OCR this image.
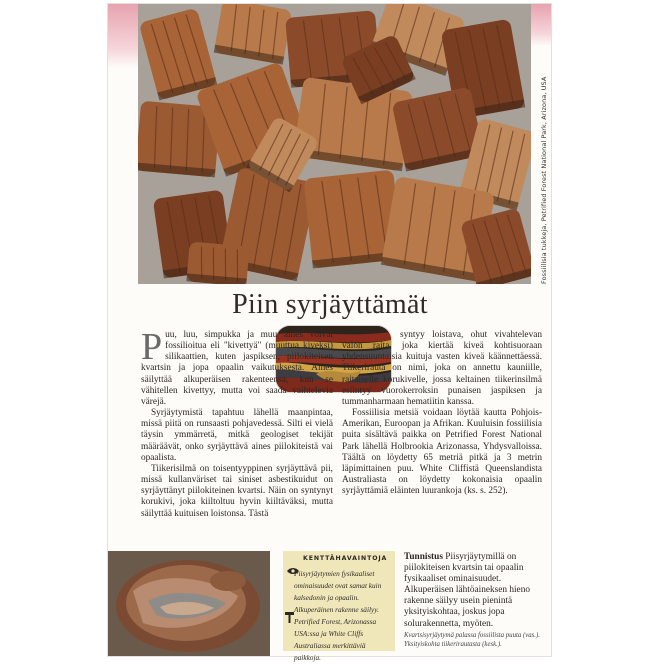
Fossiilisia tukkeja, Petrified Forest National Park, Arizona, USA
Piin syrjäyttämät

Puu, luu, simpukka ja muu aines voivat fossilioitua eli "kivettyä" (muuttua kiveksi) silikaattien, kuten jaspiksen, piilokiteisen kvartsin ja jopa opaalin vaikutuksesta. Aines säilyttää alkuperäisen rakenteensa, kun se vähitellen kivettyy, mutta voi saada vaihtelevia värejä.

Syrjäytymistä tapahtuu lähellä maanpintaa, missä piitä on runsaasti pohjavedessä. Silti ei vielä täysin ymmärretä, mitkä geologiset tekijät määräävät, onko syrjäyttävä aines piilokiteistä vai opaalista.

Tiikerisilmä on toisentyyppinen syrjäyttävä pii, missä kullanväriset tai siniset asbestikuidut on syrjäyttänyt piilokiteinen kvartsi. Näin on syntynyt korukivi, joka kiiltoltuu hyvin kiiltäväksi, mutta säilyttää kuituisen loistonsa. Tästä

syntyy loistava, ohut vivahtelevan valon raita, joka kiertää kiveä kohtisuoraan yhdensuuntaisia kuituja vasten kiveä käännettäessä. Tiikerirauta on nimi, joka on annettu kauniille, raitaiselle korukivelle, jossa keltainen tiikerinsilmä esiintyy vuorokerroksin punaisen jaspiksen ja tummanharmaan hematiitin kanssa.

Fossiilisia metsiä voidaan löytää kautta Pohjois-Amerikan, Euroopan ja Afrikan. Kuuluisin fossiilisia puita sisältävä paikka on Petrified Forest National Park lähellä Holbrookia Arizonassa, Yhdysvalloissa. Täältä on löydetty 65 metriä pitkä ja 3 metrin läpimittainen puu. White Cliffistä Queenslandista Australiasta on löydetty kokonaisia opaalin syrjäyttämiä eläinten luurankoja (ks. s. 252).

KENTTÄHAVAINTOJA

Piisyrjäytymien fysikaaliset ominaisuudet ovat samat kuin kalsedonin ja opaalin.

Alkuperäinen rakenne säilyy.

Petrified Forest, Arizonassa USA:ssa ja White Cliffs Australiassa merkittäviä paikkoja.

Tunnistus Piisyrjäytymillä on piilokiteisen kvartsin tai opaalin fysikaaliset ominaisuudet. Alkuperäisen lähtöaineksen hieno rakenne säilyy usein pienintä yksityiskohtaa, joskus jopa solurakennetta, myöten.

Kvartsisyrjäytymä palassa fossiilista puuta (vas.). Yksityiskohta tiikerirautasta (kesk.).
